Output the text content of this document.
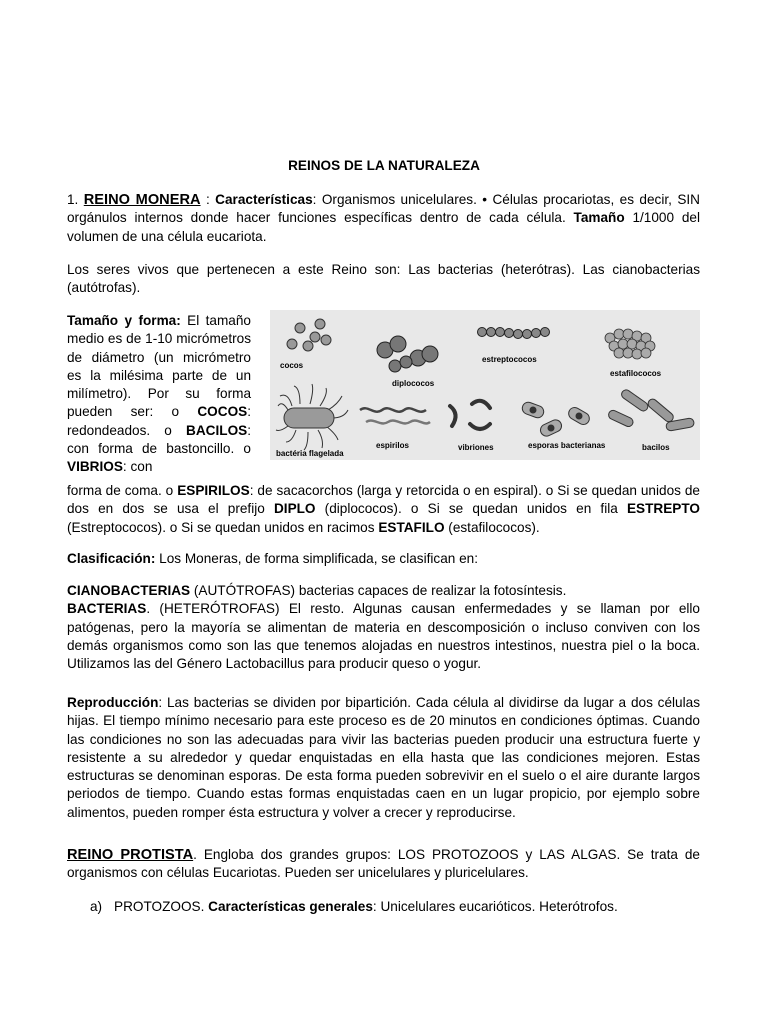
REINOS DE LA NATURALEZA

1. REINO MONERA : Características: Organismos unicelulares. • Células procariotas, es decir, SIN orgánulos internos donde hacer funciones específicas dentro de cada célula. Tamaño 1/1000 del volumen de una célula eucariota.

Los seres vivos que pertenecen a este Reino son: Las bacterias (heterótras). Las cianobacterias (autótrofas).

Tamaño y forma: El tamaño medio es de 1-10 micrómetros de diámetro (un micrómetro es la milésima parte de un milímetro). Por su forma pueden ser: o COCOS: redondeados. o BACILOS: con forma de bastoncillo. o VIBRIOS: con

cocos
diplococos
estreptococos
estafilococos
bactéria flagelada
espirilos	vibriones	esporas bacterianas	bacilos

forma de coma. o ESPIRILOS: de sacacorchos (larga y retorcida o en espiral). o Si se quedan unidos de dos en dos se usa el prefijo DIPLO (diplococos). o Si se quedan unidos en fila ESTREPTO (Estreptococos). o Si se quedan unidos en racimos ESTAFILO (estafilococos).

Clasificación: Los Moneras, de forma simplificada, se clasifican en:

CIANOBACTERIAS (AUTÓTROFAS) bacterias capaces de realizar la fotosíntesis.

BACTERIAS. (HETERÓTROFAS) El resto. Algunas causan enfermedades y se llaman por ello patógenas, pero la mayoría se alimentan de materia en descomposición o incluso conviven con los demás organismos como son las que tenemos alojadas en nuestros intestinos, nuestra piel o la boca. Utilizamos las del Género Lactobacillus para producir queso o yogur.

Reproducción: Las bacterias se dividen por bipartición. Cada célula al dividirse da lugar a dos células hijas. El tiempo mínimo necesario para este proceso es de 20 minutos en condiciones óptimas. Cuando las condiciones no son las adecuadas para vivir las bacterias pueden producir una estructura fuerte y resistente a su alrededor y quedar enquistadas en ella hasta que las condiciones mejoren. Estas estructuras se denominan esporas. De esta forma pueden sobrevivir en el suelo o el aire durante largos periodos de tiempo. Cuando estas formas enquistadas caen en un lugar propicio, por ejemplo sobre alimentos, pueden romper ésta estructura y volver a crecer y reproducirse.

REINO PROTISTA. Engloba dos grandes grupos: LOS PROTOZOOS y LAS ALGAS. Se trata de organismos con células Eucariotas. Pueden ser unicelulares y pluricelulares.

a) PROTOZOOS. Características generales: Unicelulares eucarióticos. Heterótrofos.
